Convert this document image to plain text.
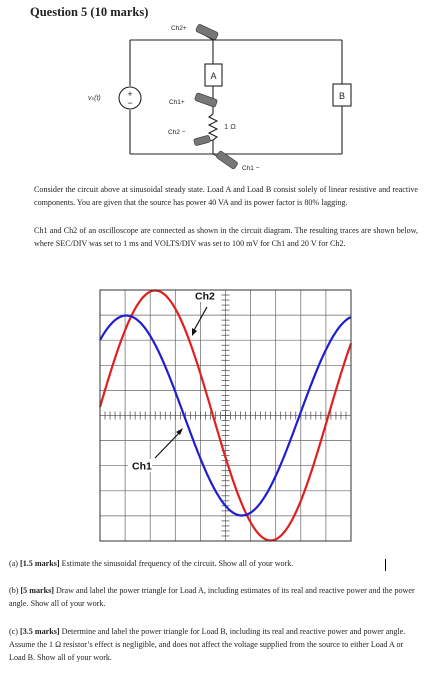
Question 5 (10 marks)
+
−
vₛ(t)
A
B
1 Ω
Ch2+
Ch1+
Ch2 −
Ch1 −
Consider the circuit above at sinusoidal steady state. Load A and Load B consist solely of linear resistive and reactive components. You are given that the source has power 40 VA and its power factor is 80% lagging.
Ch1 and Ch2 of an oscilloscope are connected as shown in the circuit diagram. The resulting traces are shown below, where SEC/DIV was set to 1 ms and VOLTS/DIV was set to 100 mV for Ch1 and 20 V for Ch2.
Ch2
Ch1
(a) [1.5 marks] Estimate the sinusoidal frequency of the circuit. Show all of your work.
(b) [5 marks] Draw and label the power triangle for Load A, including estimates of its real and reactive power and the power angle. Show all of your work.
(c) [3.5 marks] Determine and label the power triangle for Load B, including its real and reactive power and power angle. Assume the 1 Ω resistor’s effect is negligible, and does not affect the voltage supplied from the source to either Load A or Load B. Show all of your work.
